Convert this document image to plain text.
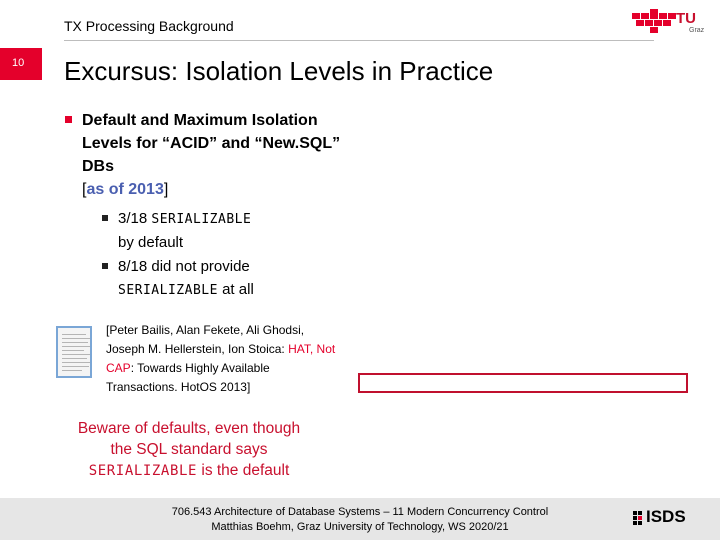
TX Processing Background	TU
Graz
10	Excursus: Isolation Levels in Practice
Default and Maximum Isolation Levels for “ACID” and “New.SQL” DBs
[as of 2013]
3/18 SERIALIZABLE
by default
8/18 did not provide
SERIALIZABLE at all
[Peter Bailis, Alan Fekete, Ali Ghodsi, Joseph M. Hellerstein, Ion Stoica: HAT, Not CAP: Towards Highly Available Transactions. HotOS 2013]
Beware of defaults, even though
the SQL standard says
SERIALIZABLE is the default
706.543 Architecture of Database Systems – 11 Modern Concurrency Control
Matthias Boehm, Graz University of Technology, WS 2020/21
ISDS
